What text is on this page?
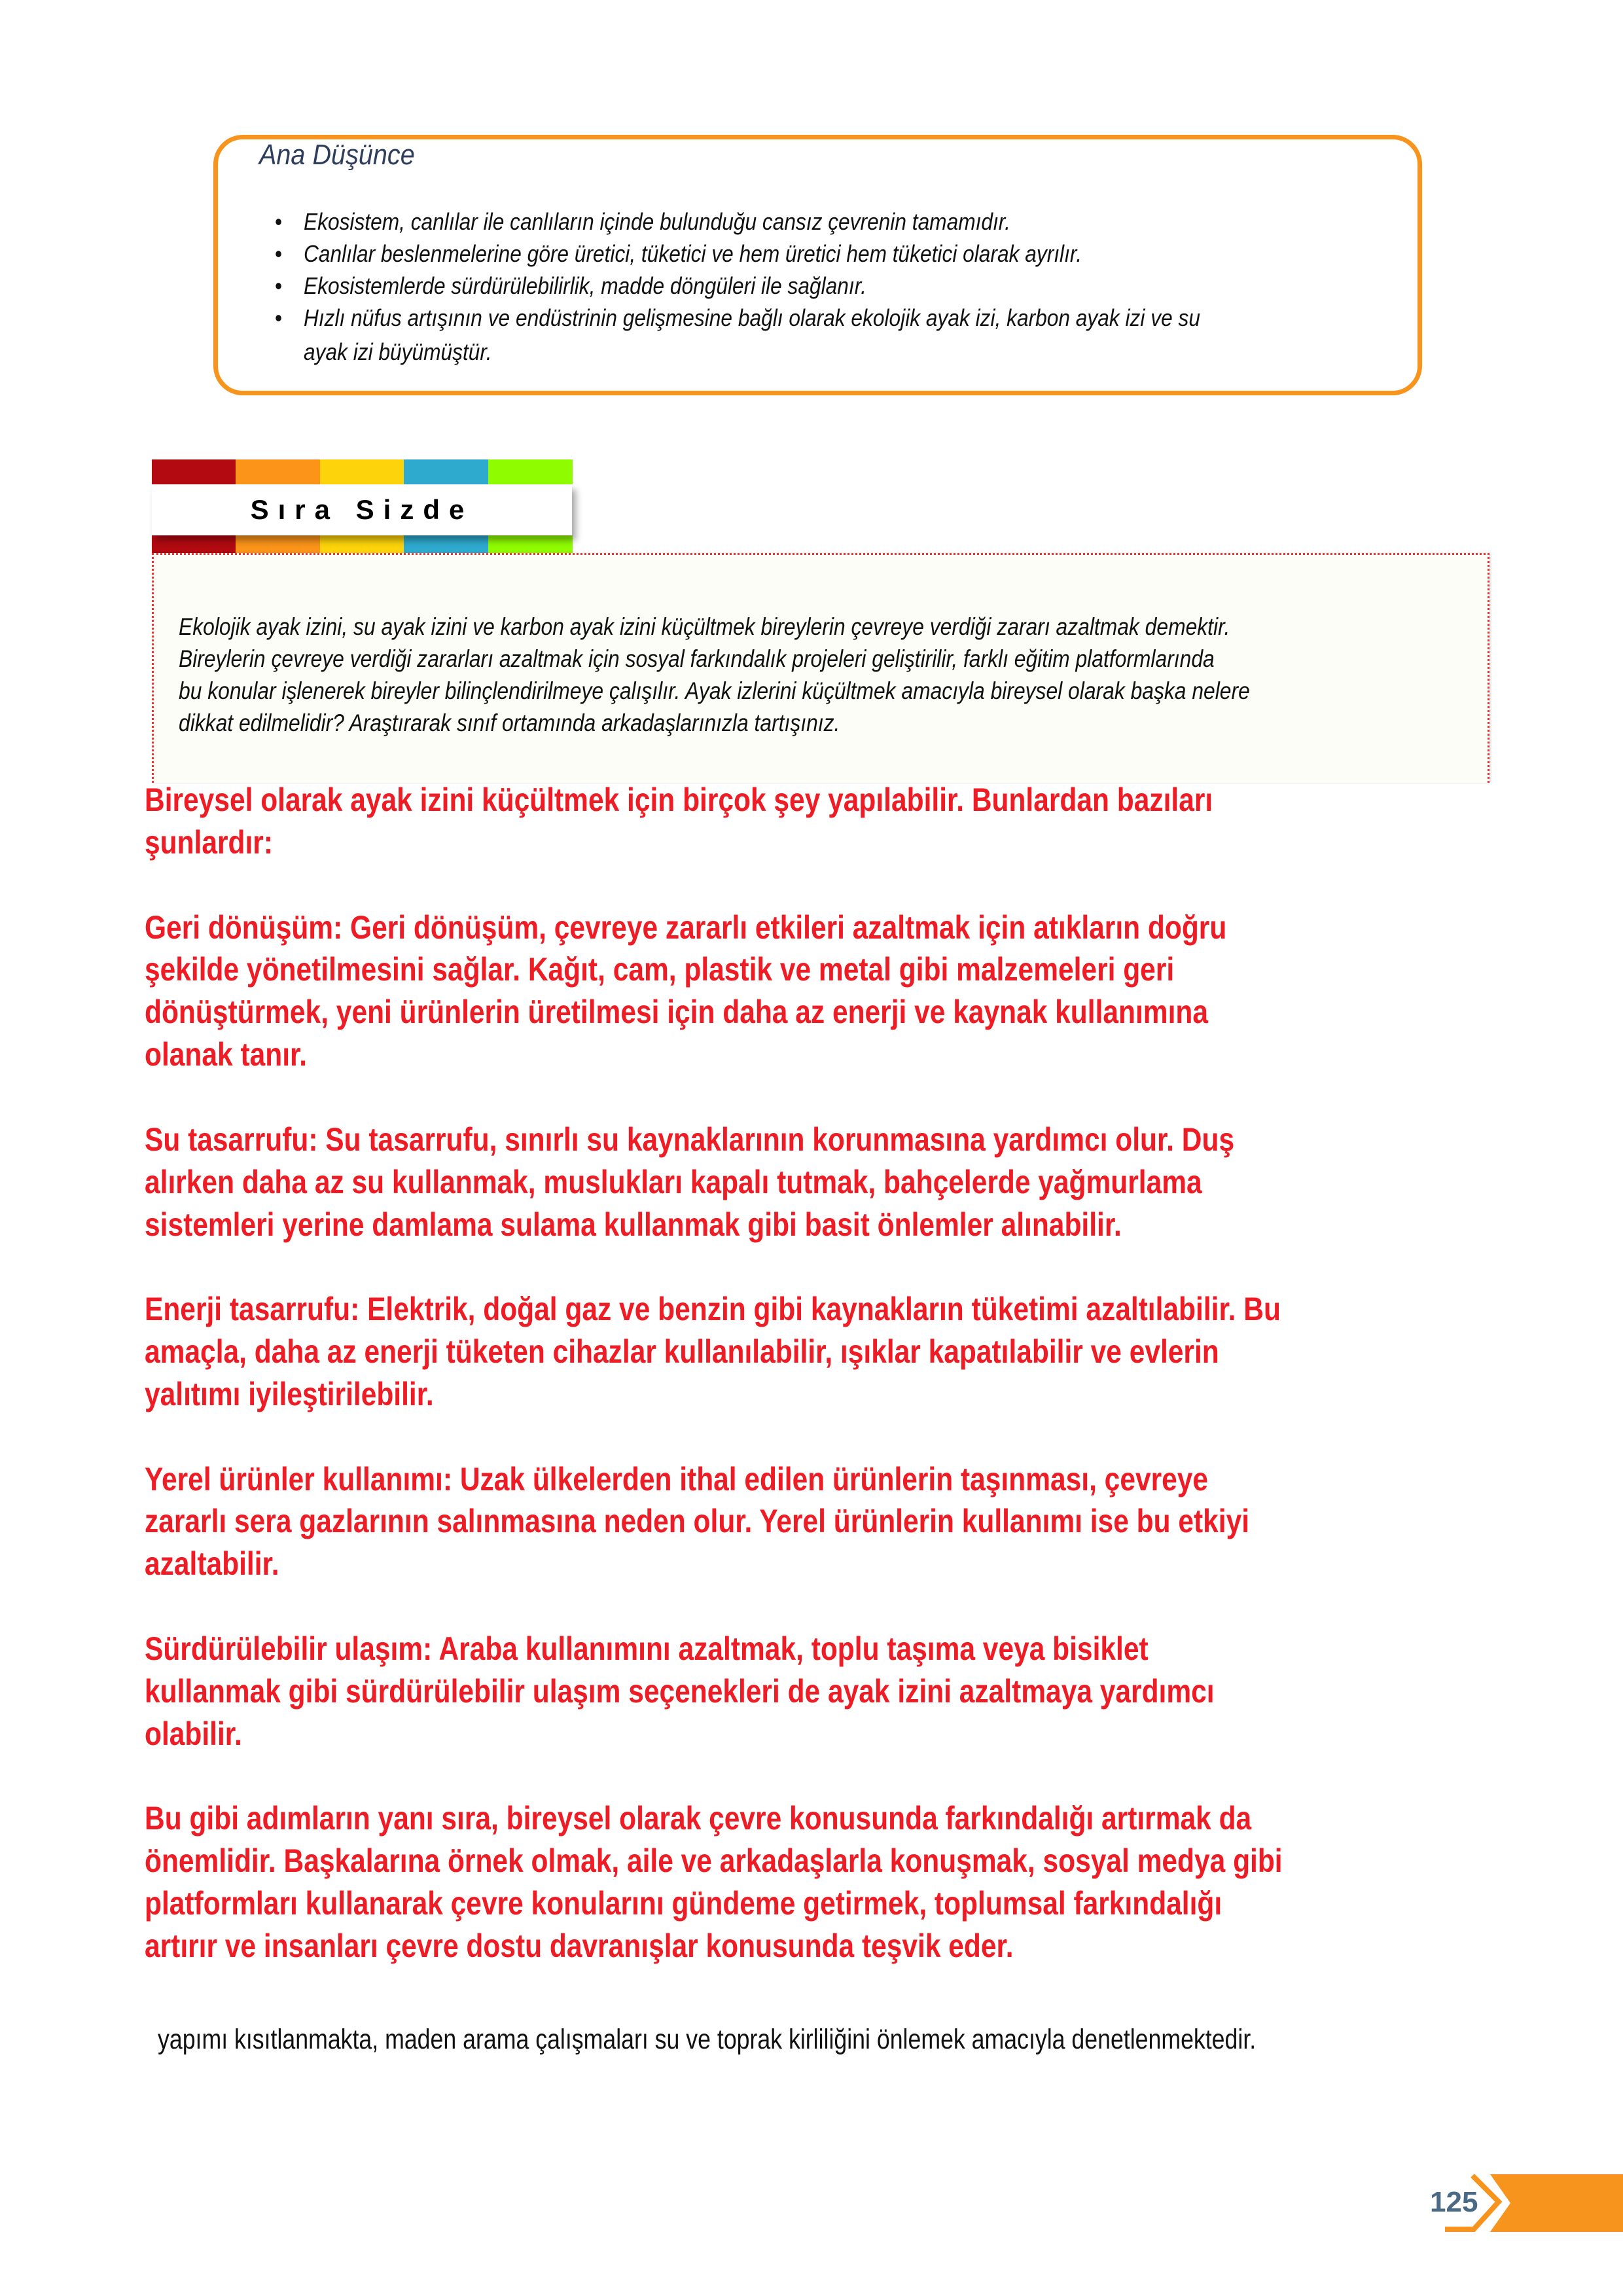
Ana Düşünce
• Ekosistem, canlılar ile canlıların içinde bulunduğu cansız çevrenin tamamıdır.
• Canlılar beslenmelerine göre üretici, tüketici ve hem üretici hem tüketici olarak ayrılır.
• Ekosistemlerde sürdürülebilirlik, madde döngüleri ile sağlanır.
• Hızlı nüfus artışının ve endüstrinin gelişmesine bağlı olarak ekolojik ayak izi, karbon ayak izi ve su
ayak izi büyümüştür.
Sıra Sizde
Ekolojik ayak izini, su ayak izini ve karbon ayak izini küçültmek bireylerin çevreye verdiği zararı azaltmak demektir.
Bireylerin çevreye verdiği zararları azaltmak için sosyal farkındalık projeleri geliştirilir, farklı eğitim platformlarında
bu konular işlenerek bireyler bilinçlendirilmeye çalışılır. Ayak izlerini küçültmek amacıyla bireysel olarak başka nelere
dikkat edilmelidir? Araştırarak sınıf ortamında arkadaşlarınızla tartışınız.
Bireysel olarak ayak izini küçültmek için birçok şey yapılabilir. Bunlardan bazıları
şunlardır:
Geri dönüşüm: Geri dönüşüm, çevreye zararlı etkileri azaltmak için atıkların doğru
şekilde yönetilmesini sağlar. Kağıt, cam, plastik ve metal gibi malzemeleri geri
dönüştürmek, yeni ürünlerin üretilmesi için daha az enerji ve kaynak kullanımına
olanak tanır.
Su tasarrufu: Su tasarrufu, sınırlı su kaynaklarının korunmasına yardımcı olur. Duş
alırken daha az su kullanmak, muslukları kapalı tutmak, bahçelerde yağmurlama
sistemleri yerine damlama sulama kullanmak gibi basit önlemler alınabilir.
Enerji tasarrufu: Elektrik, doğal gaz ve benzin gibi kaynakların tüketimi azaltılabilir. Bu
amaçla, daha az enerji tüketen cihazlar kullanılabilir, ışıklar kapatılabilir ve evlerin
yalıtımı iyileştirilebilir.
Yerel ürünler kullanımı: Uzak ülkelerden ithal edilen ürünlerin taşınması, çevreye
zararlı sera gazlarının salınmasına neden olur. Yerel ürünlerin kullanımı ise bu etkiyi
azaltabilir.
Sürdürülebilir ulaşım: Araba kullanımını azaltmak, toplu taşıma veya bisiklet
kullanmak gibi sürdürülebilir ulaşım seçenekleri de ayak izini azaltmaya yardımcı
olabilir.
Bu gibi adımların yanı sıra, bireysel olarak çevre konusunda farkındalığı artırmak da
önemlidir. Başkalarına örnek olmak, aile ve arkadaşlarla konuşmak, sosyal medya gibi
platformları kullanarak çevre konularını gündeme getirmek, toplumsal farkındalığı
artırır ve insanları çevre dostu davranışlar konusunda teşvik eder.
yapımı kısıtlanmakta, maden arama çalışmaları su ve toprak kirliliğini önlemek amacıyla denetlenmektedir.
125
